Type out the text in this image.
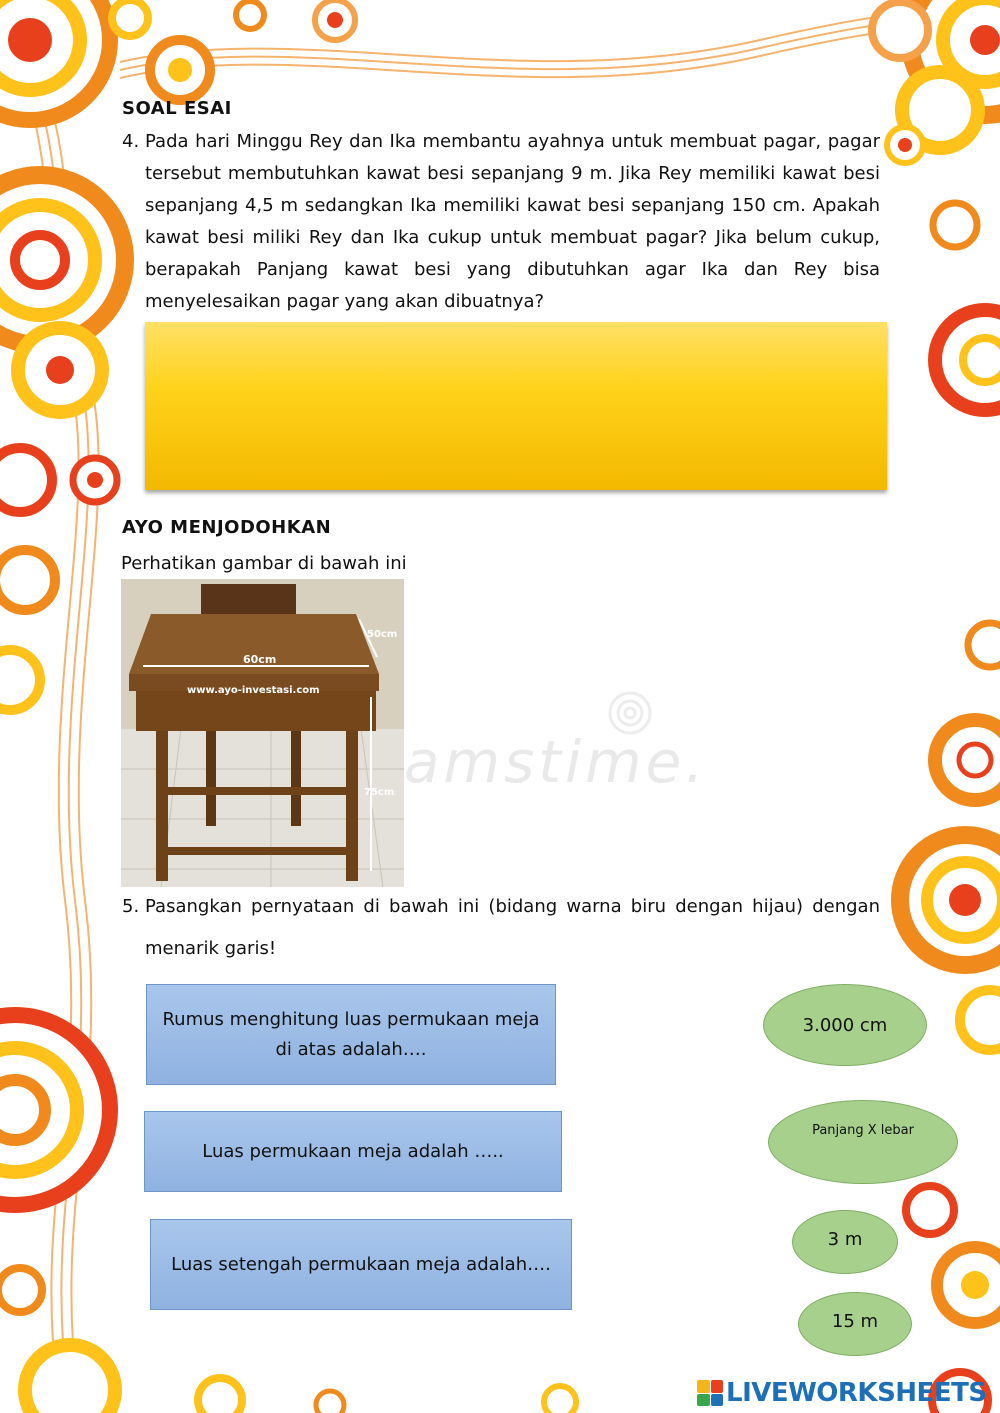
SOAL ESAI
4. Pada hari Minggu Rey dan Ika membantu ayahnya untuk membuat pagar, pagar tersebut membutuhkan kawat besi sepanjang 9 m. Jika Rey memiliki kawat besi sepanjang 4,5 m sedangkan Ika memiliki kawat besi sepanjang 150 cm. Apakah kawat besi miliki Rey dan Ika cukup untuk membuat pagar? Jika belum cukup, berapakah Panjang kawat besi yang dibutuhkan agar Ika dan Rey bisa menyelesaikan pagar yang akan dibuatnya?
AYO MENJODOHKAN
Perhatikan gambar di bawah ini
60cm
50cm
75cm
www.ayo-investasi.com
amstime.
5. Pasangkan pernyataan di bawah ini (bidang warna biru dengan hijau) dengan
menarik garis!
Rumus menghitung luas permukaan meja di atas adalah….
Luas permukaan meja adalah …..
Luas setengah permukaan meja adalah….
3.000 cm
Panjang X lebar
3 m
15 m
LIVEWORKSHEETS
